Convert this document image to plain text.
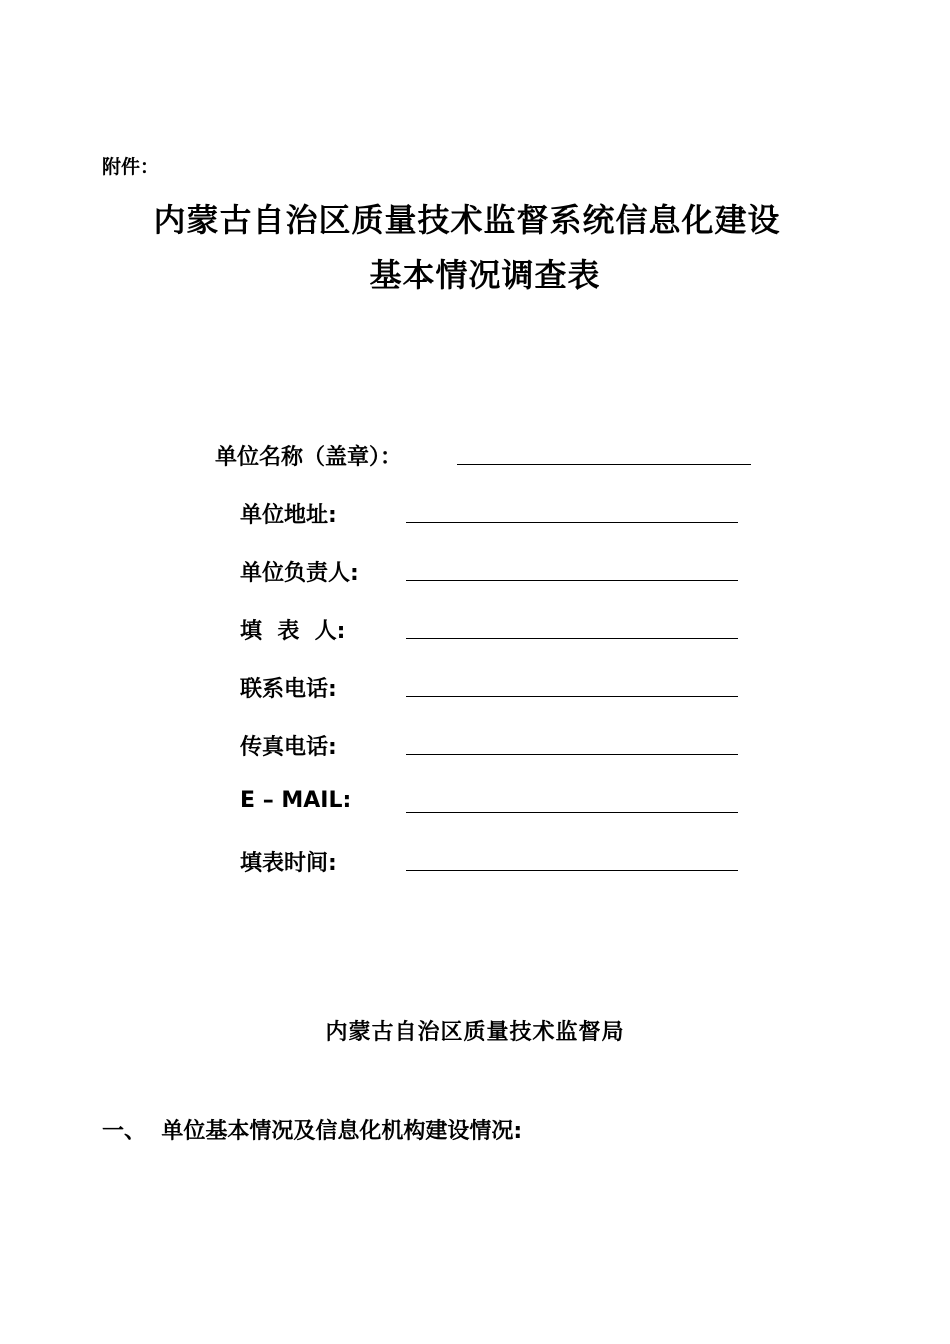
附件：
内蒙古自治区质量技术监督系统信息化建设
基本情况调查表
单位名称（盖章）：
单位地址:
单位负责人:
填  表  人:
联系电话:
传真电话:
E – MAIL:
填表时间:
内蒙古自治区质量技术监督局
一、  单位基本情况及信息化机构建设情况:
